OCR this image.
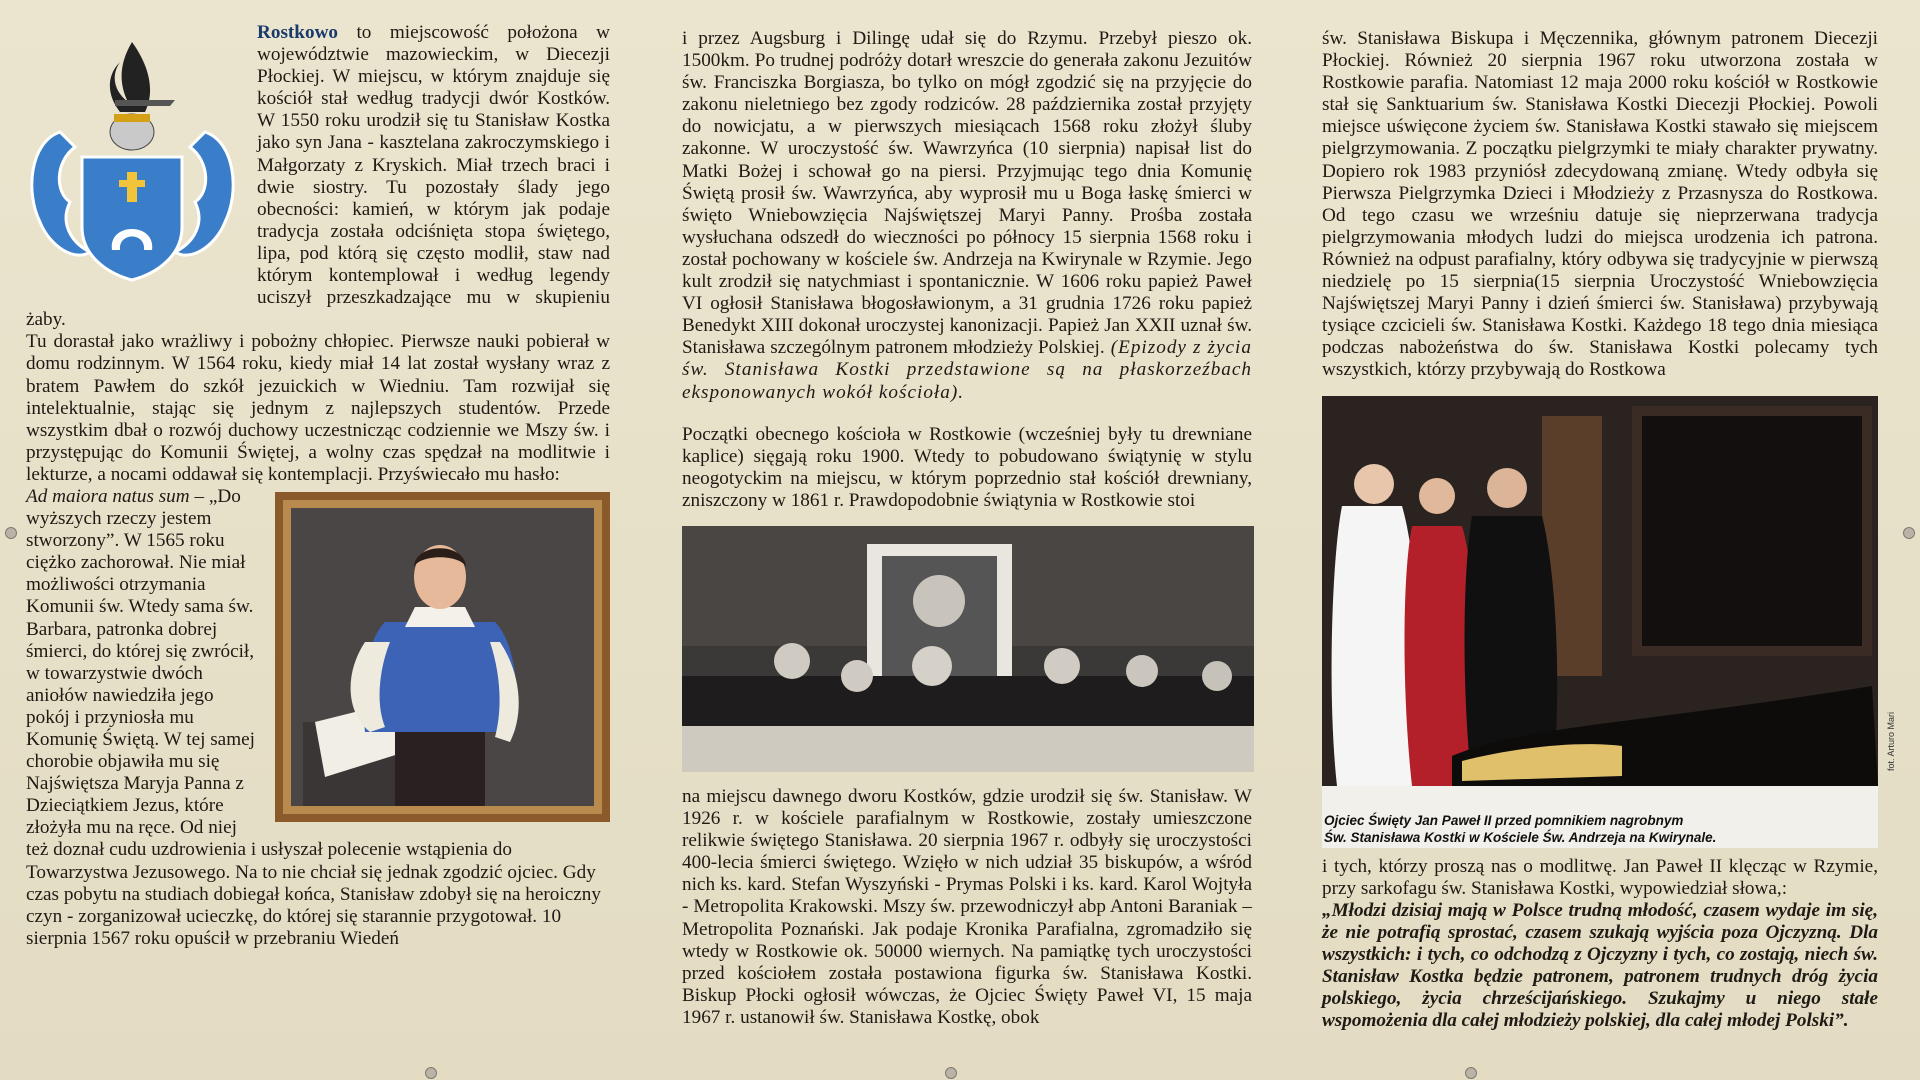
Rostkowo to miejscowość położona w województwie mazowieckim, w Diecezji Płockiej. W miejscu, w którym znajduje się kościół stał według tradycji dwór Kostków. W 1550 roku urodził się tu Stanisław Kostka jako syn Jana - kasztelana zakroczymskiego i Małgorzaty z Kryskich. Miał trzech braci i dwie siostry. Tu pozostały ślady jego obecności: kamień, w którym jak podaje tradycja została odciśnięta stopa świętego, lipa, pod którą się często modlił, staw nad którym kontemplował i według legendy uciszył przeszkadzające mu w skupieniu żaby.

Tu dorastał jako wrażliwy i pobożny chłopiec. Pierwsze nauki pobierał w domu rodzinnym. W 1564 roku, kiedy miał 14 lat został wysłany wraz z bratem Pawłem do szkół jezuickich w Wiedniu. Tam rozwijał się intelektualnie, stając się jednym z najlepszych studentów. Przede wszystkim dbał o rozwój duchowy uczestnicząc codziennie we Mszy św. i przystępując do Komunii Świętej, a wolny czas spędzał na modlitwie i lekturze, a nocami oddawał się kontemplacji. Przyświecało mu hasło:

Ad maiora natus sum – „Do wyższych rzeczy jestem stworzony”. W 1565 roku ciężko zachorował. Nie miał możliwości otrzymania Komunii św. Wtedy sama św. Barbara, patronka dobrej śmierci, do której się zwrócił, w towarzystwie dwóch aniołów nawiedziła jego pokój i przyniosła mu Komunię Świętą. W tej samej chorobie objawiła mu się Najświętsza Maryja Panna z Dzieciątkiem Jezus, które złożyła mu na ręce. Od niej też doznał cudu uzdrowienia i usłyszał polecenie wstąpienia do Towarzystwa Jezusowego. Na to nie chciał się jednak zgodzić ojciec. Gdy czas pobytu na studiach dobiegał końca, Stanisław zdobył się na heroiczny czyn - zorganizował ucieczkę, do której się starannie przygotował. 10 sierpnia 1567 roku opuścił w przebraniu Wiedeń

i przez Augsburg i Dilingę udał się do Rzymu. Przebył pieszo ok. 1500km. Po trudnej podróży dotarł wreszcie do generała zakonu Jezuitów św. Franciszka Borgiasza, bo tylko on mógł zgodzić się na przyjęcie do zakonu nieletniego bez zgody rodziców. 28 października został przyjęty do nowicjatu, a w pierwszych miesiącach 1568 roku złożył śluby zakonne. W uroczystość św. Wawrzyńca (10 sierpnia) napisał list do Matki Bożej i schował go na piersi. Przyjmując tego dnia Komunię Świętą prosił św. Wawrzyńca, aby wyprosił mu u Boga łaskę śmierci w święto Wniebowzięcia Najświętszej Maryi Panny. Prośba została wysłuchana odszedł do wieczności po północy 15 sierpnia 1568 roku i został pochowany w kościele św. Andrzeja na Kwirynale w Rzymie. Jego kult zrodził się natychmiast i spontanicznie. W 1606 roku papież Paweł VI ogłosił Stanisława błogosławionym, a 31 grudnia 1726 roku papież Benedykt XIII dokonał uroczystej kanonizacji. Papież Jan XXII uznał św. Stanisława szczególnym patronem młodzieży Polskiej. (Epizody z życia św. Stanisława Kostki przedstawione są na płaskorzeźbach eksponowanych wokół kościoła).

Początki obecnego kościoła w Rostkowie (wcześniej były tu drewniane kaplice) sięgają roku 1900. Wtedy to pobudowano świątynię w stylu neogotyckim na miejscu, w którym poprzednio stał kościół drewniany, zniszczony w 1861 r. Prawdopodobnie świątynia w Rostkowie stoi

na miejscu dawnego dworu Kostków, gdzie urodził się św. Stanisław. W 1926 r. w kościele parafialnym w Rostkowie, zostały umieszczone relikwie świętego Stanisława. 20 sierpnia 1967 r. odbyły się uroczystości 400-lecia śmierci świętego. Wzięło w nich udział 35 biskupów, a wśród nich ks. kard. Stefan Wyszyński - Prymas Polski i ks. kard. Karol Wojtyła - Metropolita Krakowski. Mszy św. przewodniczył abp Antoni Baraniak – Metropolita Poznański. Jak podaje Kronika Parafialna, zgromadziło się wtedy w Rostkowie ok. 50000 wiernych. Na pamiątkę tych uroczystości przed kościołem została postawiona figurka św. Stanisława Kostki. Biskup Płocki ogłosił wówczas, że Ojciec Święty Paweł VI, 15 maja 1967 r. ustanowił św. Stanisława Kostkę, obok

św. Stanisława Biskupa i Męczennika, głównym patronem Diecezji Płockiej. Również 20 sierpnia 1967 roku utworzona została w Rostkowie parafia. Natomiast 12 maja 2000 roku kościół w Rostkowie stał się Sanktuarium św. Stanisława Kostki Diecezji Płockiej. Powoli miejsce uświęcone życiem św. Stanisława Kostki stawało się miejscem pielgrzymowania. Z początku pielgrzymki te miały charakter prywatny. Dopiero rok 1983 przyniósł zdecydowaną zmianę. Wtedy odbyła się Pierwsza Pielgrzymka Dzieci i Młodzieży z Przasnysza do Rostkowa. Od tego czasu we wrześniu datuje się nieprzerwana tradycja pielgrzymowania młodych ludzi do miejsca urodzenia ich patrona. Również na odpust parafialny, który odbywa się tradycyjnie w pierwszą niedzielę po 15 sierpnia(15 sierpnia Uroczystość Wniebowzięcia Najświętszej Maryi Panny i dzień śmierci św. Stanisława) przybywają tysiące czcicieli św. Stanisława Kostki. Każdego 18 tego dnia miesiąca podczas nabożeństwa do św. Stanisława Kostki polecamy tych wszystkich, którzy przybywają do Rostkowa

Ojciec Święty Jan Paweł II przed pomnikiem nagrobnym
Św. Stanisława Kostki w Kościele Św. Andrzeja na Kwirynale.
fot. Arturo Mari

i tych, którzy proszą nas o modlitwę. Jan Paweł II klęcząc w Rzymie, przy sarkofagu św. Stanisława Kostki, wypowiedział słowa,:

„Młodzi dzisiaj mają w Polsce trudną młodość, czasem wydaje im się, że nie potrafią sprostać, czasem szukają wyjścia poza Ojczyzną. Dla wszystkich: i tych, co odchodzą z Ojczyzny i tych, co zostają, niech św. Stanisław Kostka będzie patronem, patronem trudnych dróg życia polskiego, życia chrześcijańskiego. Szukajmy u niego stałe wspomożenia dla całej młodzieży polskiej, dla całej młodej Polski”.
